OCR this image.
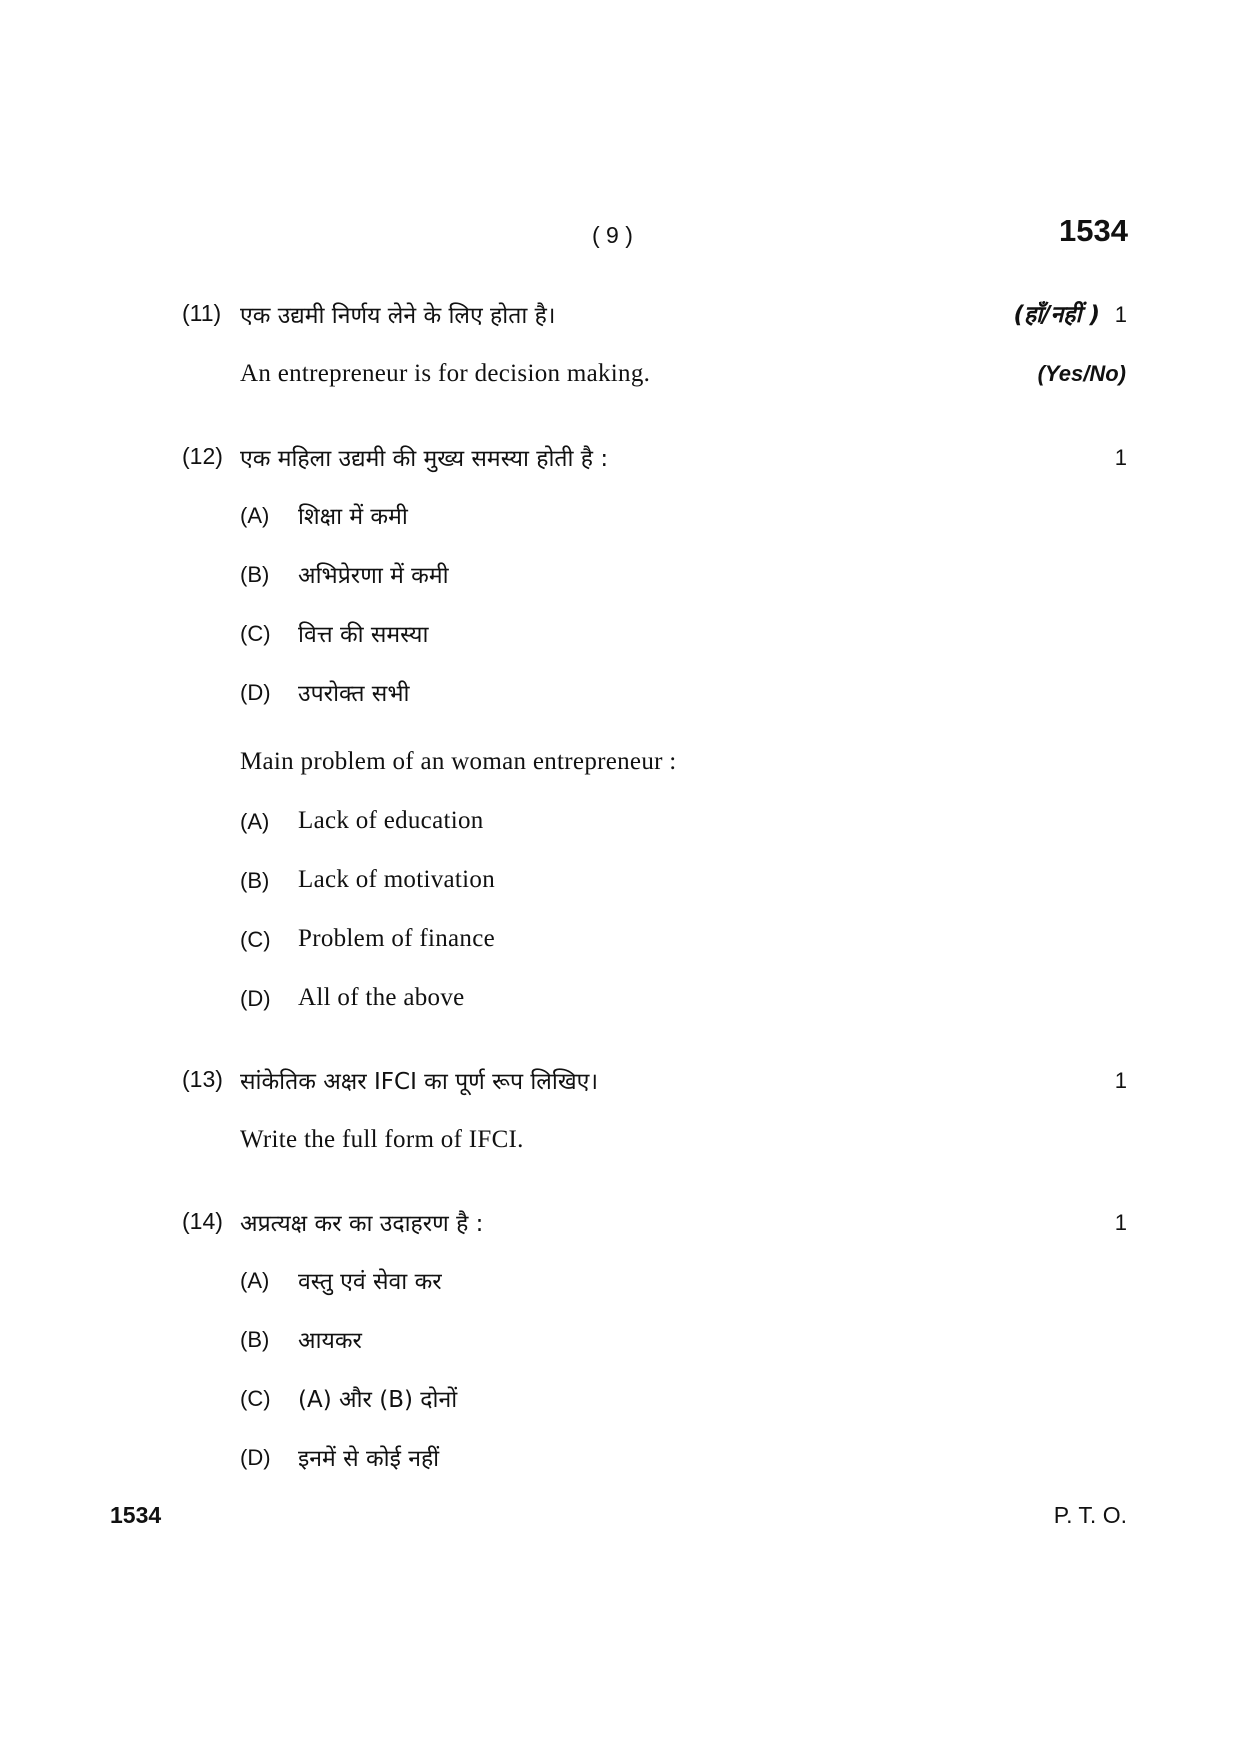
( 9 )	1534
(11) एक उद्यमी निर्णय लेने के लिए होता है।	(हाँ/नहीं ) 1
An entrepreneur is for decision making.	(Yes/No)
(12) एक महिला उद्यमी की मुख्य समस्या होती है :	1
(A) शिक्षा में कमी
(B) अभिप्रेरणा में कमी
(C) वित्त की समस्या
(D) उपरोक्त सभी
Main problem of an woman entrepreneur :
(A) Lack of education
(B) Lack of motivation
(C) Problem of finance
(D) All of the above
(13) सांकेतिक अक्षर IFCI का पूर्ण रूप लिखिए।	1
Write the full form of IFCI.
(14) अप्रत्यक्ष कर का उदाहरण है :	1
(A) वस्तु एवं सेवा कर
(B) आयकर
(C) (A) और (B) दोनों
(D) इनमें से कोई नहीं
1534	P. T. O.
